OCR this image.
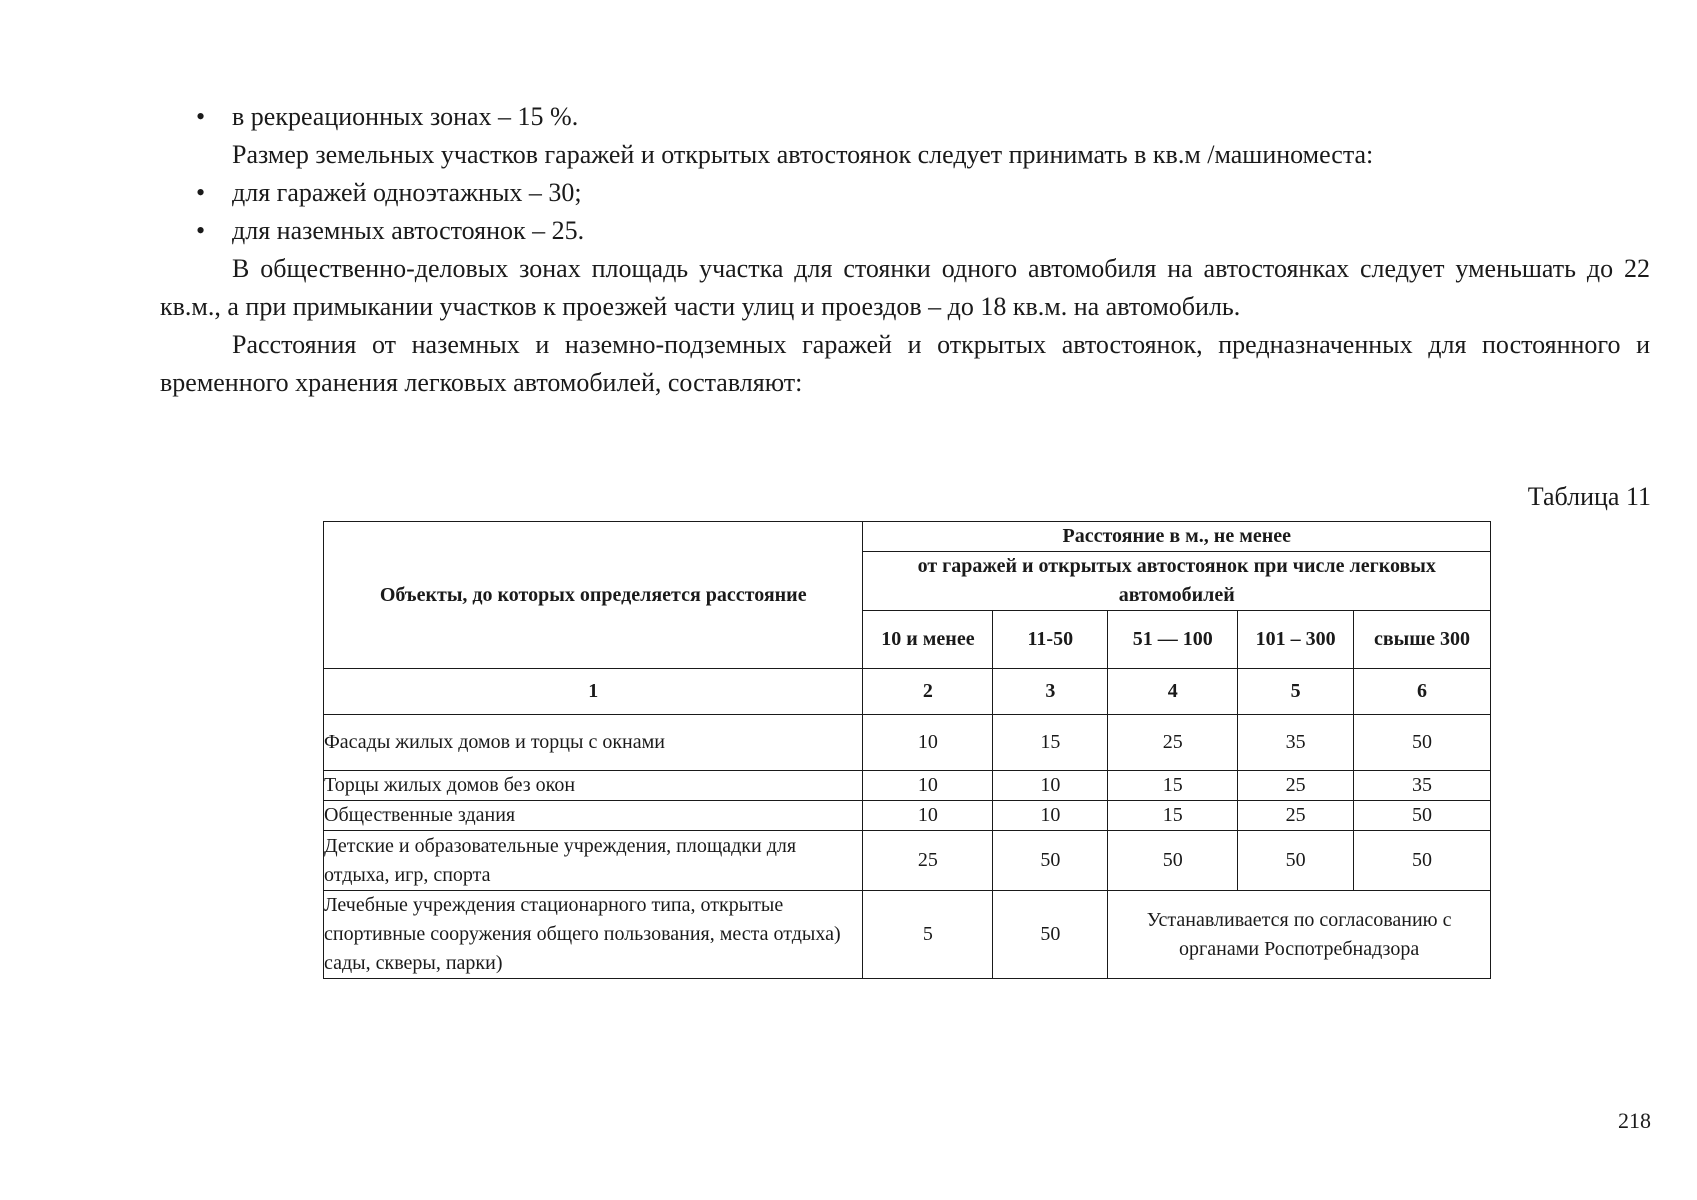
• в рекреационных зонах – 15 %.
Размер земельных участков гаражей и открытых автостоянок следует принимать в кв.м /машиноместа:
• для гаражей одноэтажных – 30;
• для наземных автостоянок – 25.
В общественно-деловых зонах площадь участка для стоянки одного автомобиля на автостоянках следует уменьшать до 22 кв.м., а при примыкании участков к проезжей части улиц и проездов – до 18 кв.м. на автомобиль.
Расстояния от наземных и наземно-подземных гаражей и открытых автостоянок, предназначенных для постоянного и временного хранения легковых автомобилей, составляют:
Таблица 11
Объекты, до которых определяется расстояние	Расстояние в м., не менее				
	от гаражей и открытых автостоянок при числе легковых автомобилей				
	10 и менее	11-50	51 — 100	101 – 300	свыше 300
1	2	3	4	5	6
Фасады жилых домов и торцы с окнами	10	15	25	35	50
Торцы жилых домов без окон	10	10	15	25	35
Общественные здания	10	10	15	25	50
Детские и образовательные учреждения, площадки для отдыха, игр, спорта	25	50	50	50	50
Лечебные учреждения стационарного типа, открытые спортивные сооружения общего пользования, места отдыха) сады, скверы, парки)	5	50	Устанавливается по согласованию с органами Роспотребнадзора		
218
